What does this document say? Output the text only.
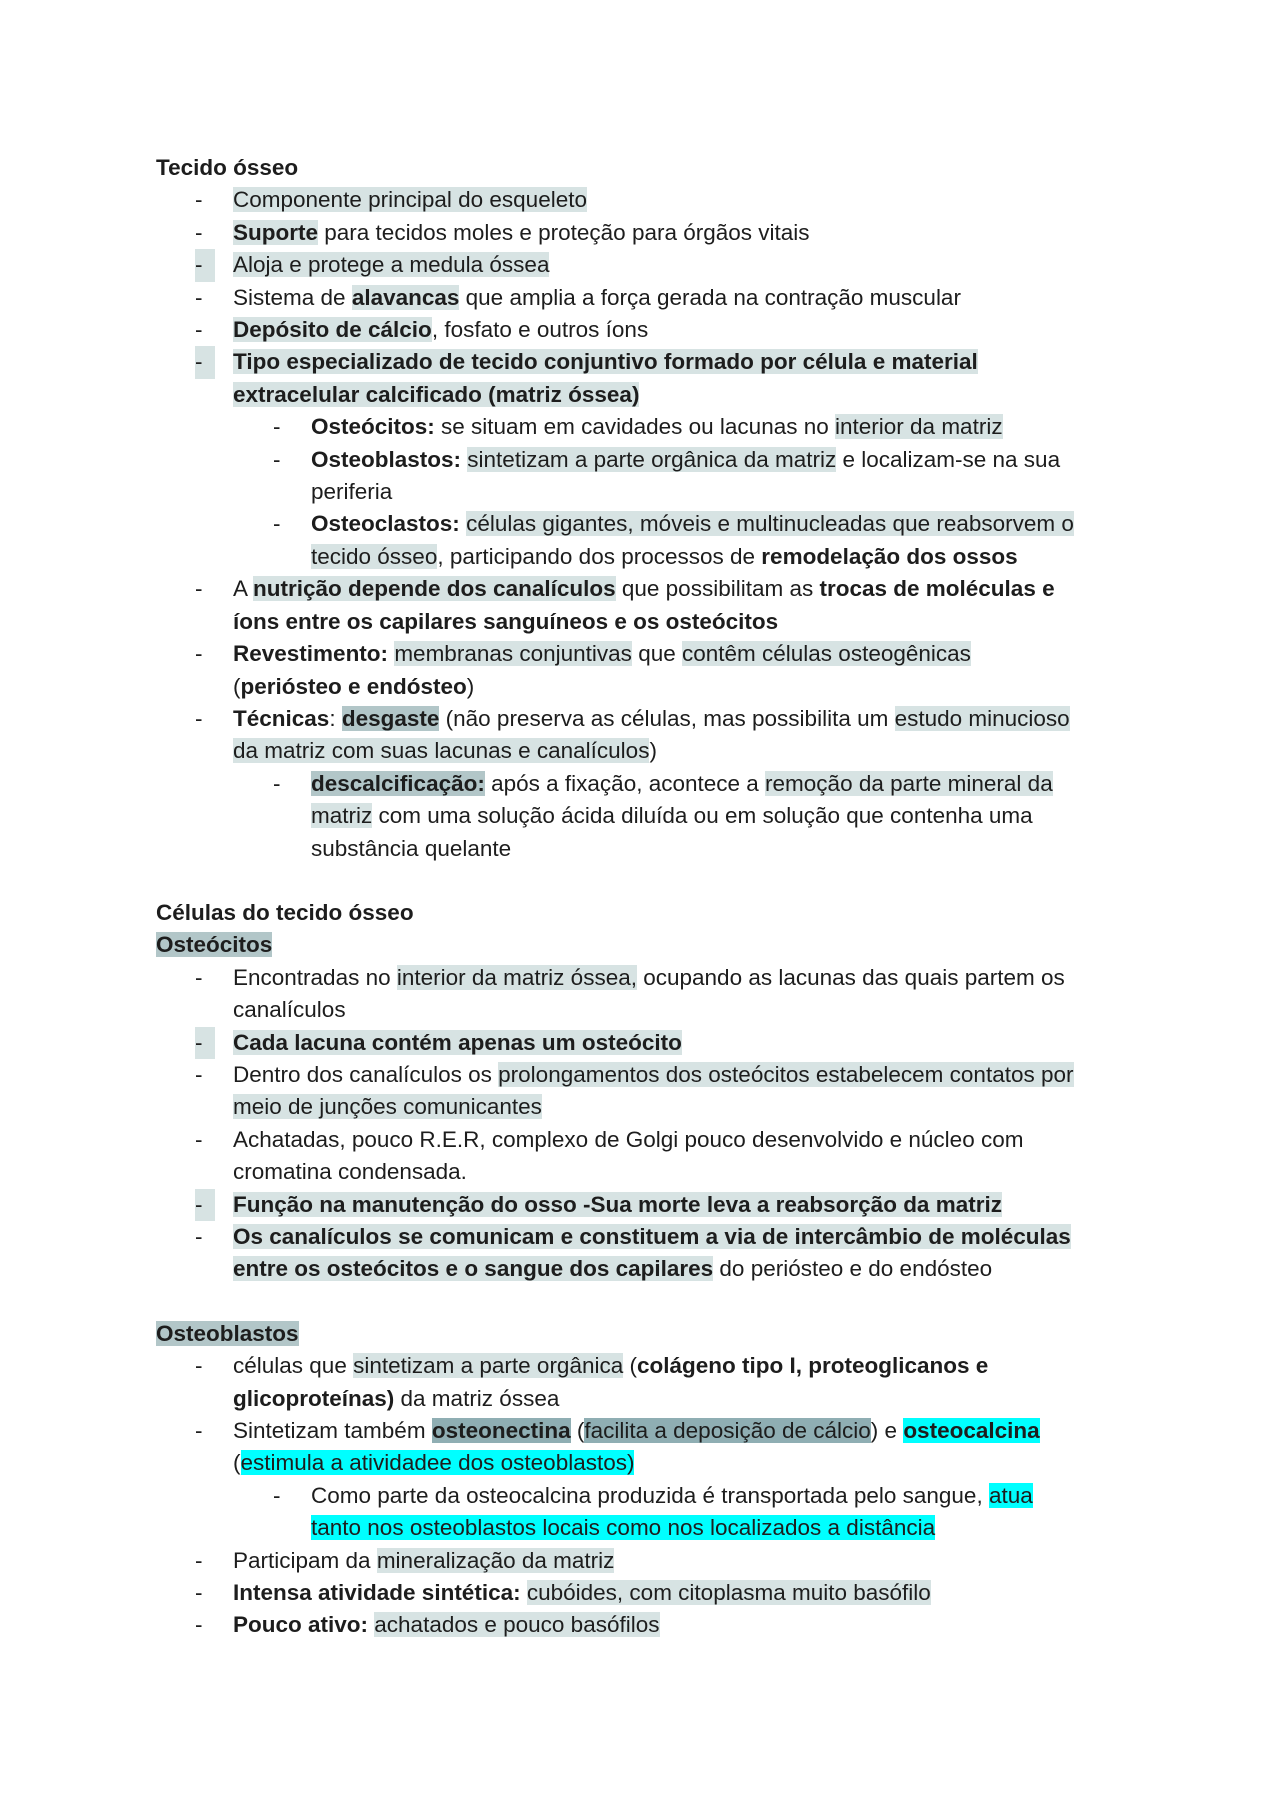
Tecido ósseo
-	Componente principal do esqueleto
-	Suporte para tecidos moles e proteção para órgãos vitais
-	Aloja e protege a medula óssea
-	Sistema de alavancas que amplia a força gerada na contração muscular
-	Depósito de cálcio, fosfato e outros íons
-	Tipo especializado de tecido conjuntivo formado por célula e material
extracelular calcificado (matriz óssea)
-	Osteócitos: se situam em cavidades ou lacunas no interior da matriz
-	Osteoblastos: sintetizam a parte orgânica da matriz e localizam-se na sua
periferia
-	Osteoclastos: células gigantes, móveis e multinucleadas que reabsorvem o
tecido ósseo, participando dos processos de remodelação dos ossos
-	A nutrição depende dos canalículos que possibilitam as trocas de moléculas e
íons entre os capilares sanguíneos e os osteócitos
-	Revestimento: membranas conjuntivas que contêm células osteogênicas
(periósteo e endósteo)
-	Técnicas: desgaste (não preserva as células, mas possibilita um estudo minucioso
da matriz com suas lacunas e canalículos)
-	descalcificação: após a fixação, acontece a remoção da parte mineral da
matriz com uma solução ácida diluída ou em solução que contenha uma
substância quelante
Células do tecido ósseo
Osteócitos
-	Encontradas no interior da matriz óssea, ocupando as lacunas das quais partem os
canalículos
-	Cada lacuna contém apenas um osteócito
-	Dentro dos canalículos os prolongamentos dos osteócitos estabelecem contatos por
meio de junções comunicantes
-	Achatadas, pouco R.E.R, complexo de Golgi pouco desenvolvido e núcleo com
cromatina condensada.
-	Função na manutenção do osso -Sua morte leva a reabsorção da matriz
-	Os canalículos se comunicam e constituem a via de intercâmbio de moléculas
entre os osteócitos e o sangue dos capilares do periósteo e do endósteo
Osteoblastos
-	células que sintetizam a parte orgânica (colágeno tipo I, proteoglicanos e
glicoproteínas) da matriz óssea
-	Sintetizam também osteonectina (facilita a deposição de cálcio) e osteocalcina
(estimula a atividadee dos osteoblastos)
-	Como parte da osteocalcina produzida é transportada pelo sangue, atua
tanto nos osteoblastos locais como nos localizados a distância
-	Participam da mineralização da matriz
-	Intensa atividade sintética: cubóides, com citoplasma muito basófilo
-	Pouco ativo: achatados e pouco basófilos
